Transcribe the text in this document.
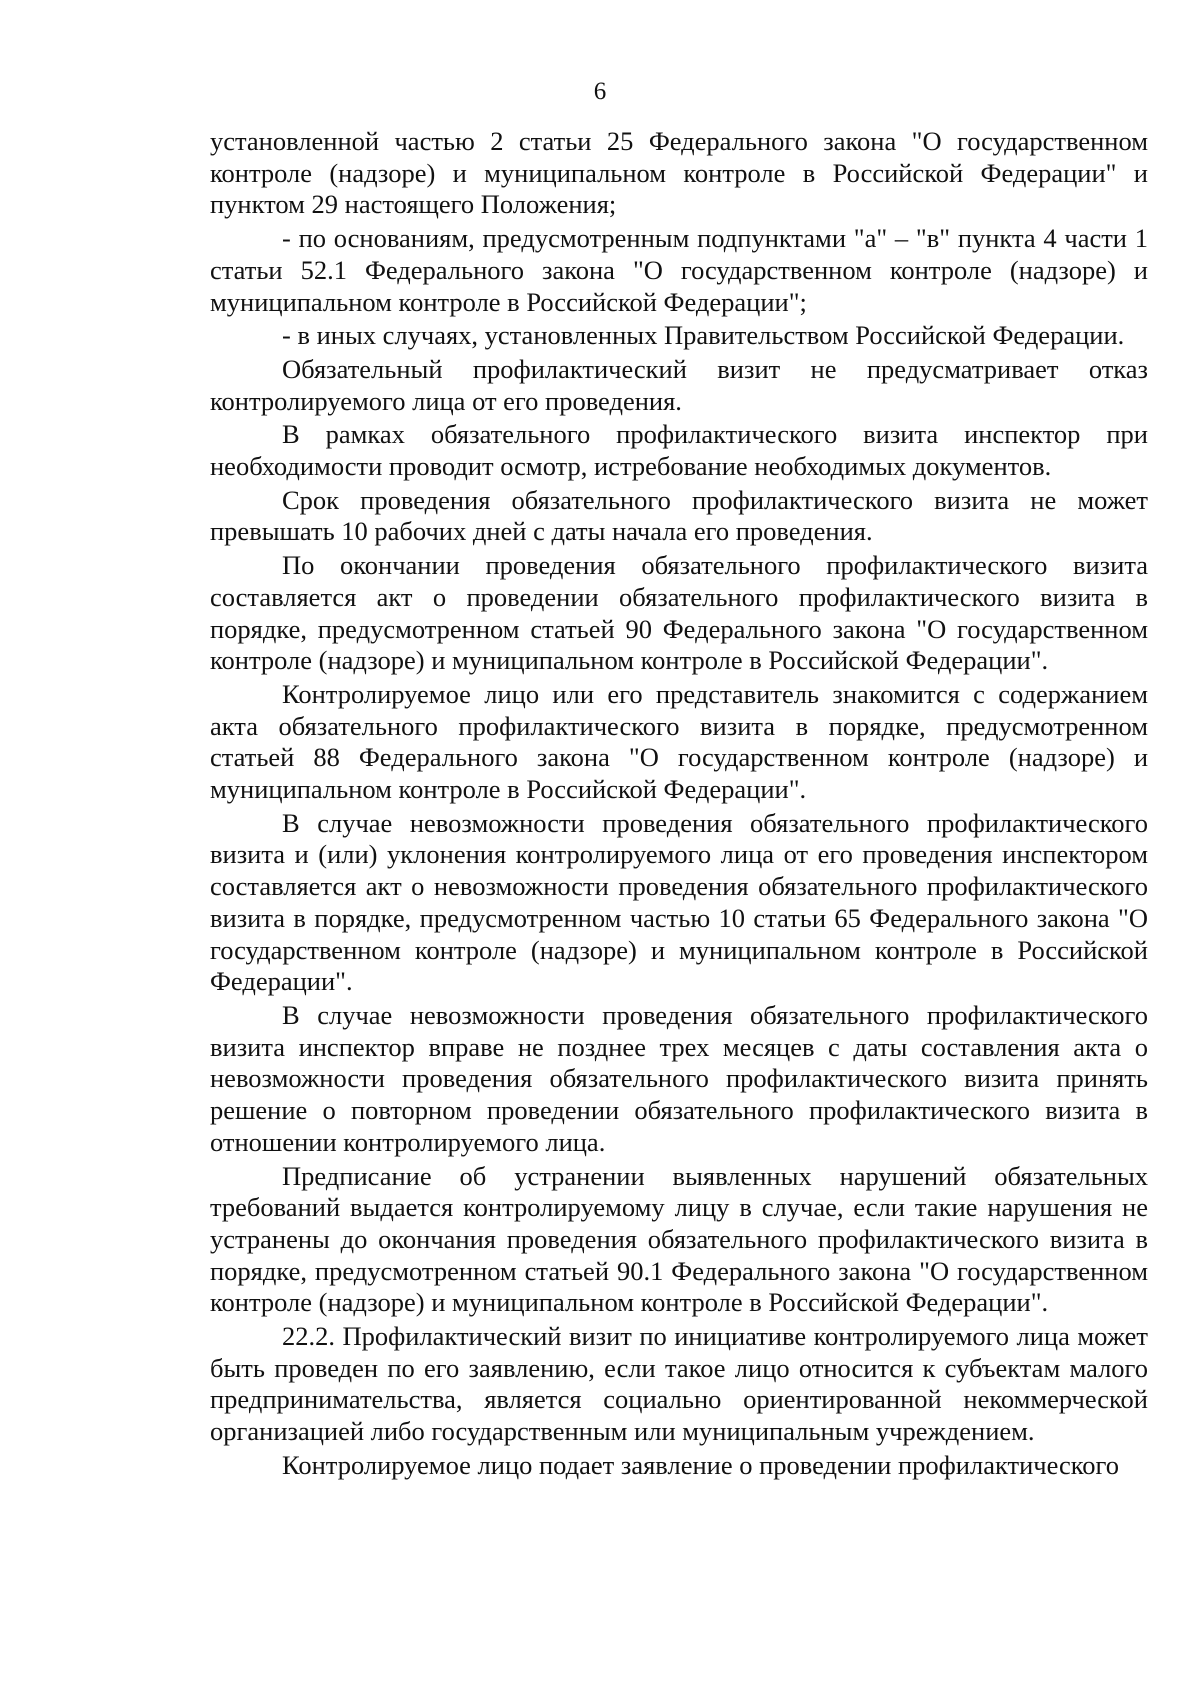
6

установленной частью 2 статьи 25 Федерального закона "О государственном контроле (надзоре) и муниципальном контроле в Российской Федерации" и пунктом 29 настоящего Положения;

- по основаниям, предусмотренным подпунктами "а" – "в" пункта 4 части 1 статьи 52.1 Федерального закона "О государственном контроле (надзоре) и муниципальном контроле в Российской Федерации";

- в иных случаях, установленных Правительством Российской Федерации.

Обязательный профилактический визит не предусматривает отказ контролируемого лица от его проведения.

В рамках обязательного профилактического визита инспектор при необходимости проводит осмотр, истребование необходимых документов.

Срок проведения обязательного профилактического визита не может превышать 10 рабочих дней с даты начала его проведения.

По окончании проведения обязательного профилактического визита составляется акт о проведении обязательного профилактического визита в порядке, предусмотренном статьей 90 Федерального закона "О государственном контроле (надзоре) и муниципальном контроле в Российской Федерации".

Контролируемое лицо или его представитель знакомится с содержанием акта обязательного профилактического визита в порядке, предусмотренном статьей 88 Федерального закона "О государственном контроле (надзоре) и муниципальном контроле в Российской Федерации".

В случае невозможности проведения обязательного профилактического визита и (или) уклонения контролируемого лица от его проведения инспектором составляется акт о невозможности проведения обязательного профилактического визита в порядке, предусмотренном частью 10 статьи 65 Федерального закона "О государственном контроле (надзоре) и муниципальном контроле в Российской Федерации".

В случае невозможности проведения обязательного профилактического визита инспектор вправе не позднее трех месяцев с даты составления акта о невозможности проведения обязательного профилактического визита принять решение о повторном проведении обязательного профилактического визита в отношении контролируемого лица.

Предписание об устранении выявленных нарушений обязательных требований выдается контролируемому лицу в случае, если такие нарушения не устранены до окончания проведения обязательного профилактического визита в порядке, предусмотренном статьей 90.1 Федерального закона "О государственном контроле (надзоре) и муниципальном контроле в Российской Федерации".

22.2. Профилактический визит по инициативе контролируемого лица может быть проведен по его заявлению, если такое лицо относится к субъектам малого предпринимательства, является социально ориентированной некоммерческой организацией либо государственным или муниципальным учреждением.

Контролируемое лицо подает заявление о проведении профилактического
